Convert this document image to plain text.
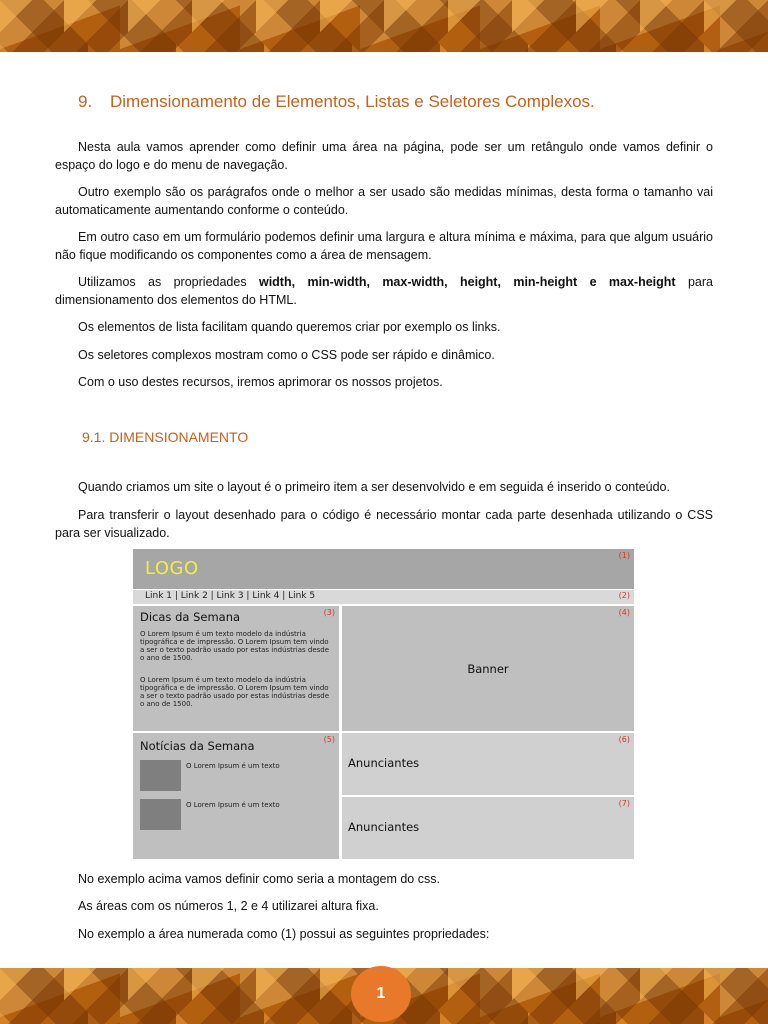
9. Dimensionamento de Elementos, Listas e Seletores Complexos.

Nesta aula vamos aprender como definir uma área na página, pode ser um retângulo onde vamos definir o espaço do logo e do menu de navegação.

Outro exemplo são os parágrafos onde o melhor a ser usado são medidas mínimas, desta forma o tamanho vai automaticamente aumentando conforme o conteúdo.

Em outro caso em um formulário podemos definir uma largura e altura mínima e máxima, para que algum usuário não fique modificando os componentes como a área de mensagem.

Utilizamos as propriedades width, min-width, max-width, height, min-height e max-height para dimensionamento dos elementos do HTML.

Os elementos de lista facilitam quando queremos criar por exemplo os links.

Os seletores complexos mostram como o CSS pode ser rápido e dinâmico.

Com o uso destes recursos, iremos aprimorar os nossos projetos.

9.1. DIMENSIONAMENTO

Quando criamos um site o layout é o primeiro item a ser desenvolvido e em seguida é inserido o conteúdo.

Para transferir o layout desenhado para o código é necessário montar cada parte desenhada utilizando o CSS para ser visualizado.

LOGO
(1)
Link 1 | Link 2 | Link 3 | Link 4 | Link 5	(2)
Dicas da Semana
O Lorem Ipsum é um texto modelo da indústria tipográfica e de impressão. O Lorem Ipsum tem vindo a ser o texto padrão usado por estas indústrias desde o ano de 1500.
O Lorem Ipsum é um texto modelo da indústria tipográfica e de impressão. O Lorem Ipsum tem vindo a ser o texto padrão usado por estas indústrias desde o ano de 1500.
(3)
Banner
(4)
Notícias da Semana
O Lorem Ipsum é um texto
O Lorem Ipsum é um texto
(5)
Anunciantes
(6)
Anunciantes
(7)

No exemplo acima vamos definir como seria a montagem do css.

As áreas com os números 1, 2 e 4 utilizarei altura fixa.

No exemplo a área numerada como (1) possui as seguintes propriedades:

1
